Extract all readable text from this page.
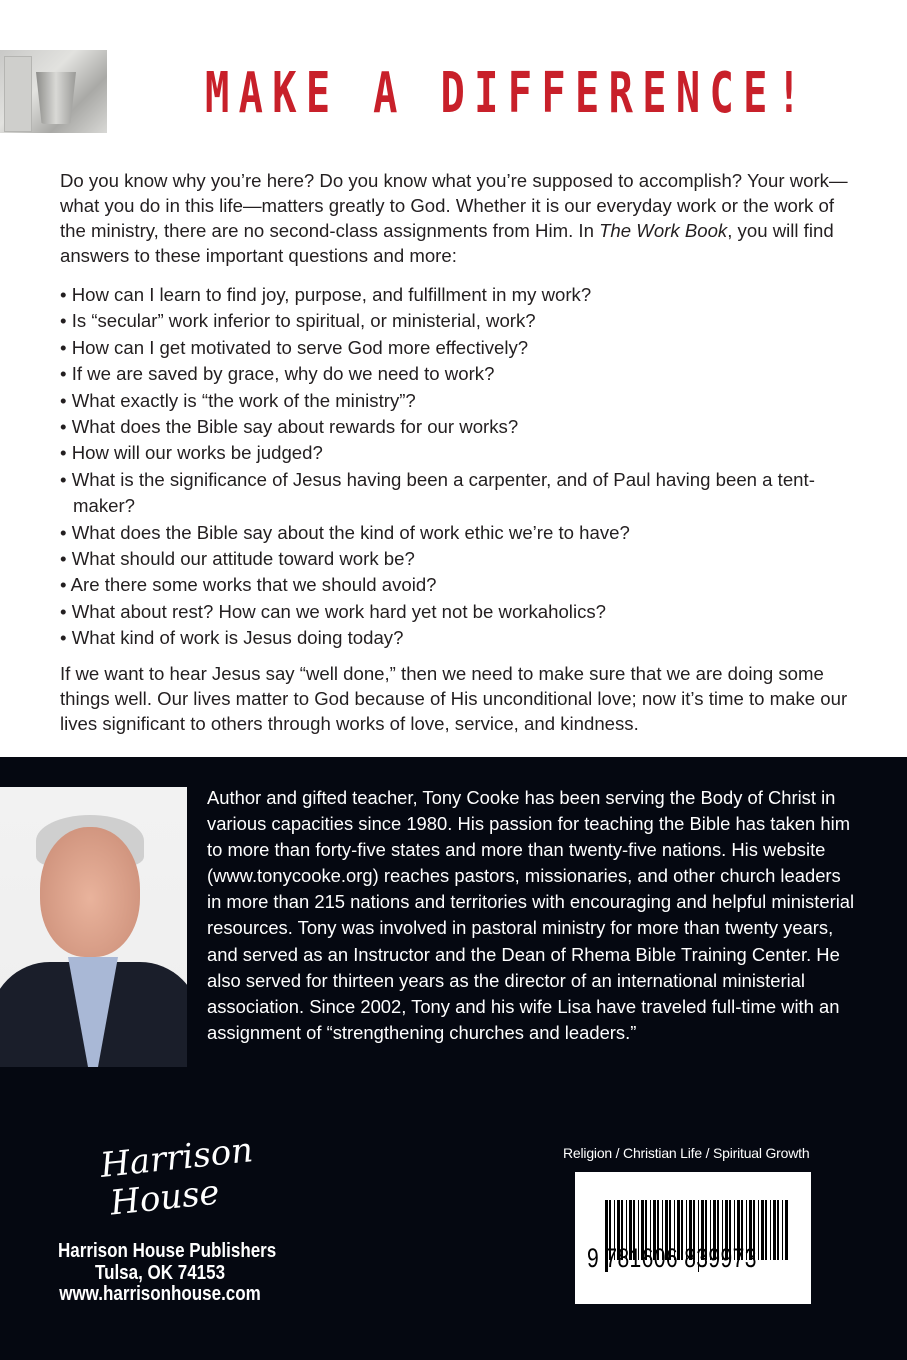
MAKE A DIFFERENCE!

Do you know why you’re here? Do you know what you’re supposed to accomplish? Your work—what you do in this life—matters greatly to God. Whether it is our everyday work or the work of the ministry, there are no second-class assignments from Him. In The Work Book, you will find answers to these important questions and more:

• How can I learn to find joy, purpose, and fulfillment in my work?
• Is “secular” work inferior to spiritual, or ministerial, work?
• How can I get motivated to serve God more effectively?
• If we are saved by grace, why do we need to work?
• What exactly is “the work of the ministry”?
• What does the Bible say about rewards for our works?
• How will our works be judged?
• What is the significance of Jesus having been a carpenter, and of Paul having been a tent-maker?
• What does the Bible say about the kind of work ethic we’re to have?
• What should our attitude toward work be?
• Are there some works that we should avoid?
• What about rest? How can we work hard yet not be workaholics?
• What kind of work is Jesus doing today?

If we want to hear Jesus say “well done,” then we need to make sure that we are doing some things well. Our lives matter to God because of His unconditional love; now it’s time to make our lives significant to others through works of love, service, and kindness.

Author and gifted teacher, Tony Cooke has been serving the Body of Christ in various capacities since 1980. His passion for teaching the Bible has taken him to more than forty-five states and more than twenty-five nations. His website (www.tonycooke.org) reaches pastors, missionaries, and other church leaders in more than 215 nations and territories with encouraging and helpful ministerial resources. Tony was involved in pastoral ministry for more than twenty years, and served as an Instructor and the Dean of Rhema Bible Training Center. He also served for thirteen years as the director of an international ministerial association. Since 2002, Tony and his wife Lisa have traveled full-time with an assignment of “strengthening churches and leaders.”

Harrison
House
Harrison House Publishers
Tulsa, OK 74153
www.harrisonhouse.com
Religion / Christian Life / Spiritual Growth
9 781606 839973
